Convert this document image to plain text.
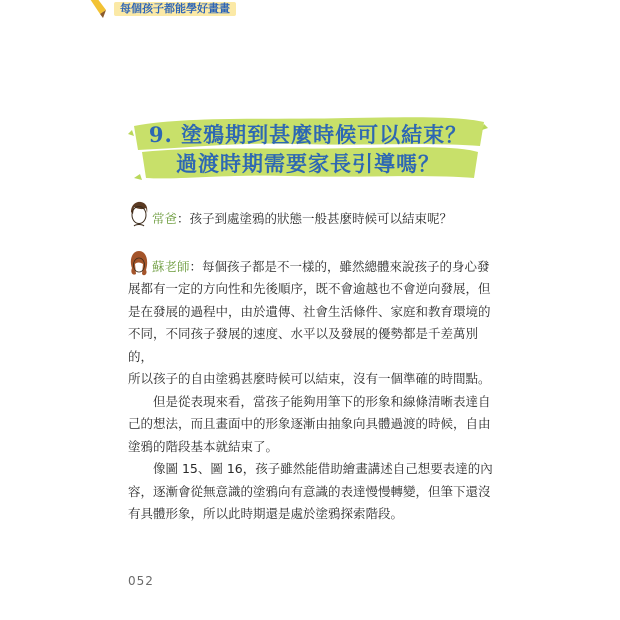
每個孩子都能學好畫畫
9. 塗鴉期到甚麼時候可以結束？
過渡時期需要家長引導嗎？
常爸：孩子到處塗鴉的狀態一般甚麼時候可以結束呢？
蘇老師：每個孩子都是不一樣的，雖然總體來說孩子的身心發
展都有一定的方向性和先後順序，既不會逾越也不會逆向發展，但
是在發展的過程中，由於遺傳、社會生活條件、家庭和教育環境的
不同，不同孩子發展的速度、水平以及發展的優勢都是千差萬別的，
所以孩子的自由塗鴉甚麼時候可以結束，沒有一個準確的時間點。
但是從表現來看，當孩子能夠用筆下的形象和線條清晰表達自
己的想法，而且畫面中的形象逐漸由抽象向具體過渡的時候，自由
塗鴉的階段基本就結束了。
像圖 15、圖 16，孩子雖然能借助繪畫講述自己想要表達的內
容，逐漸會從無意識的塗鴉向有意識的表達慢慢轉變，但筆下還沒
有具體形象，所以此時期還是處於塗鴉探索階段。
052
